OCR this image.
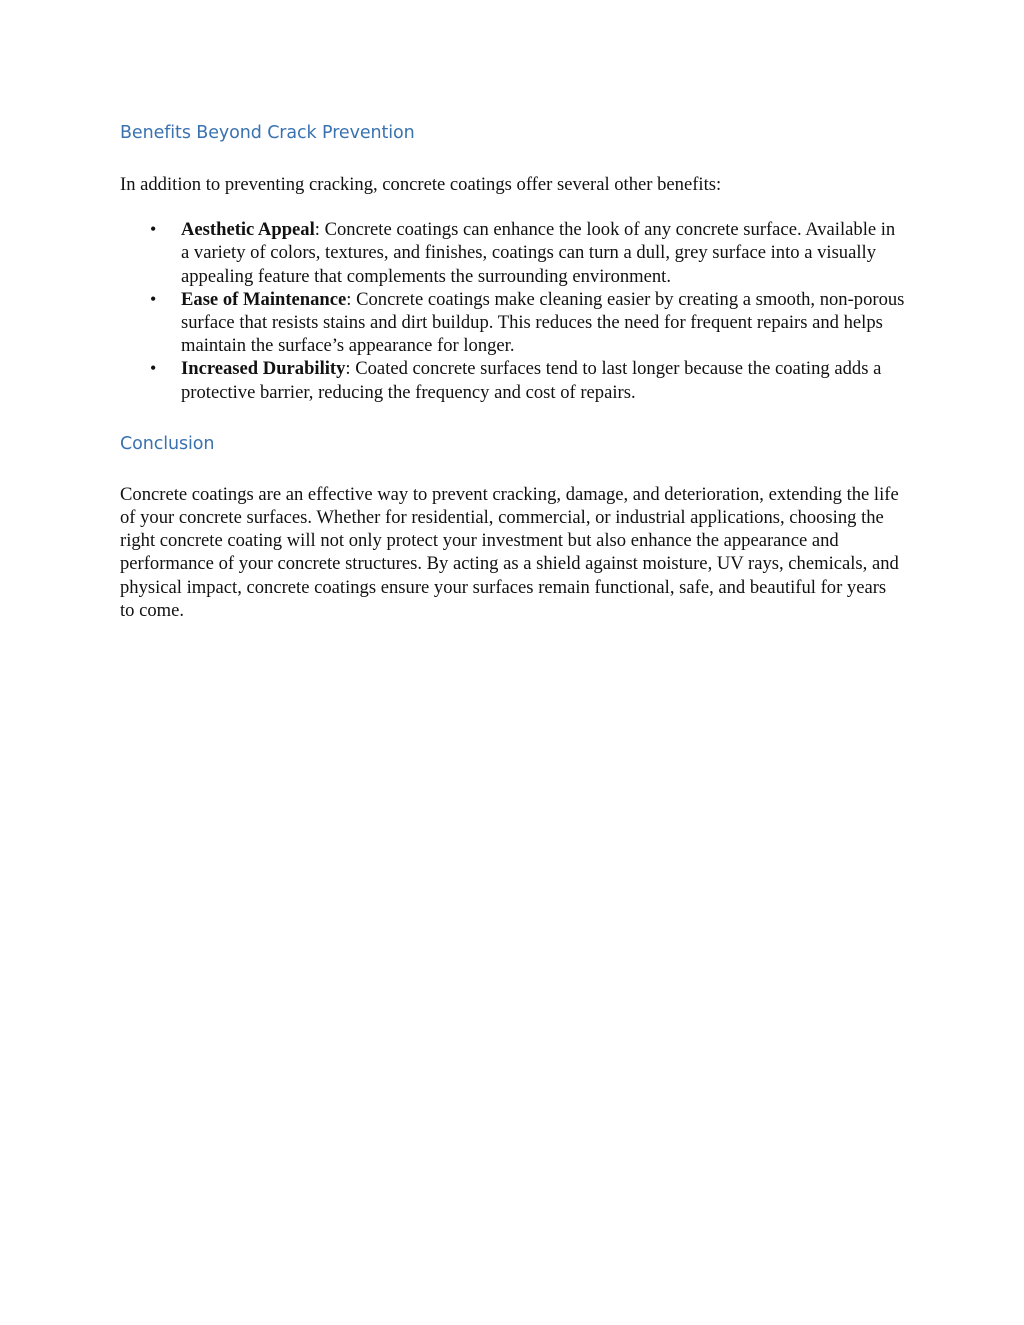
Benefits Beyond Crack Prevention

In addition to preventing cracking, concrete coatings offer several other benefits:

• Aesthetic Appeal: Concrete coatings can enhance the look of any concrete surface. Available in a variety of colors, textures, and finishes, coatings can turn a dull, grey surface into a visually appealing feature that complements the surrounding environment.
• Ease of Maintenance: Concrete coatings make cleaning easier by creating a smooth, non-porous surface that resists stains and dirt buildup. This reduces the need for frequent repairs and helps maintain the surface’s appearance for longer.
• Increased Durability: Coated concrete surfaces tend to last longer because the coating adds a protective barrier, reducing the frequency and cost of repairs.
Conclusion

Concrete coatings are an effective way to prevent cracking, damage, and deterioration, extending the life of your concrete surfaces. Whether for residential, commercial, or industrial applications, choosing the right concrete coating will not only protect your investment but also enhance the appearance and performance of your concrete structures. By acting as a shield against moisture, UV rays, chemicals, and physical impact, concrete coatings ensure your surfaces remain functional, safe, and beautiful for years to come.
